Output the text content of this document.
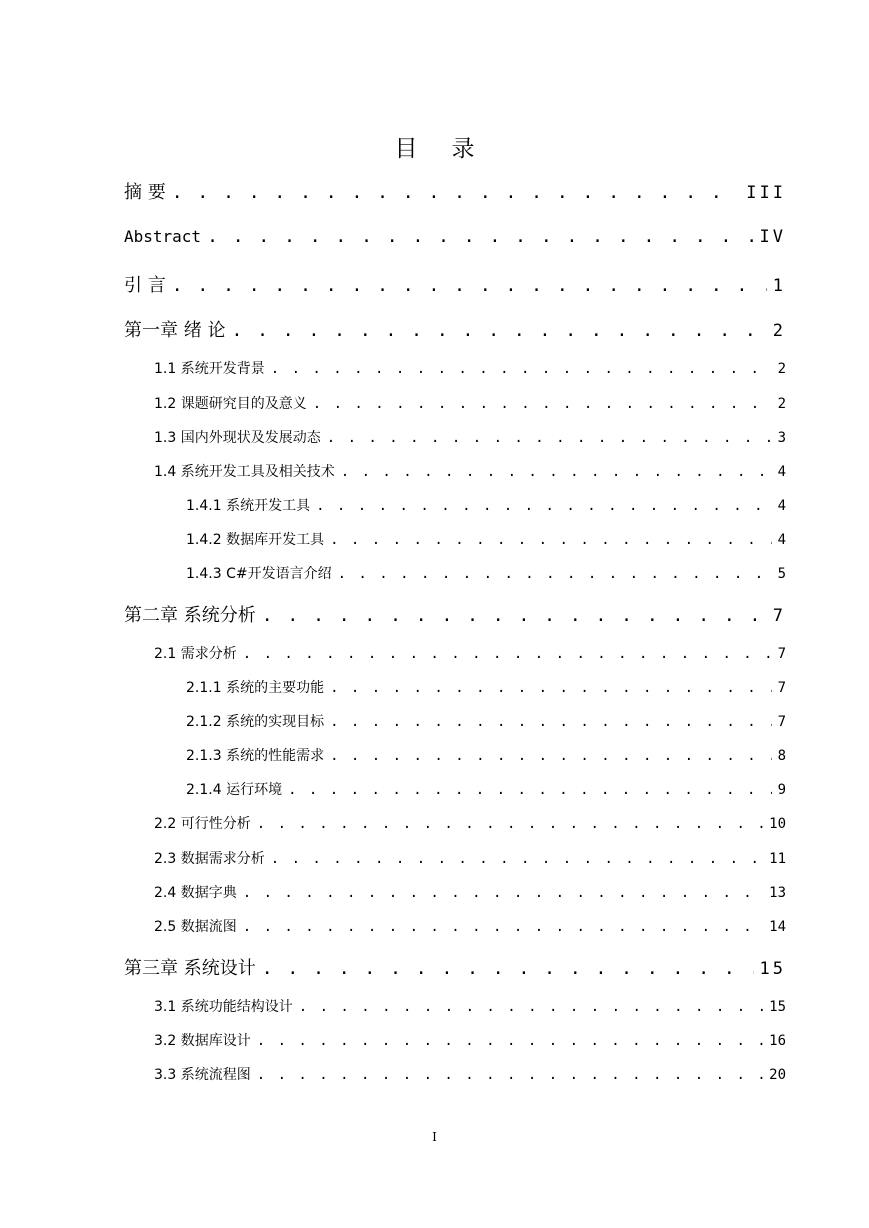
目录
摘 要 . . .	III
Abstract . . .	IV
引 言 . . .	1
第一章 绪 论 . . .	2
1.1 系统开发背景 . . .	2
1.2 课题研究目的及意义 . . .	2
1.3 国内外现状及发展动态 . . .	3
1.4 系统开发工具及相关技术 . . .	4
1.4.1 系统开发工具 . . .	4
1.4.2 数据库开发工具 . . .	4
1.4.3 C#开发语言介绍 . . .	5
第二章 系统分析 . . .	7
2.1 需求分析 . . .	7
2.1.1 系统的主要功能 . . .	7
2.1.2 系统的实现目标 . . .	7
2.1.3 系统的性能需求 . . .	8
2.1.4 运行环境 . . .	9
2.2 可行性分析 . . .	10
2.3 数据需求分析 . . .	11
2.4 数据字典 . . .	13
2.5 数据流图 . . .	14
第三章 系统设计 . . .	15
3.1 系统功能结构设计 . . .	15
3.2 数据库设计 . . .	16
3.3 系统流程图 . . .	20
I
